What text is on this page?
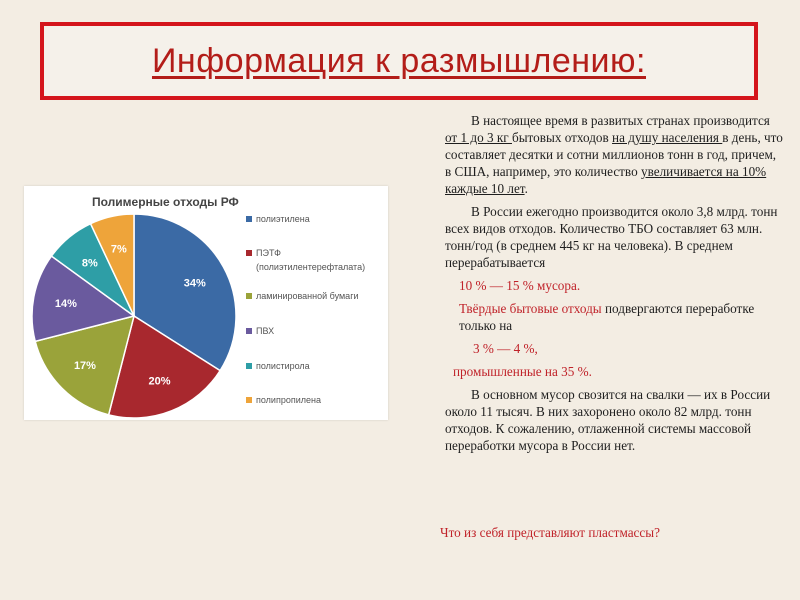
Информация к размышлению:
Полимерные отходы РФ
34%
20%
17%
14%
8%
7%
полиэтилена
ПЭТФ
(полиэтилентерефталата)
ламинированной бумаги
ПВХ
полистирола
полипропилена

В настоящее время в развитых странах производится от 1 до 3 кг бытовых отходов на душу населения в день, что составляет десятки и сотни миллионов тонн в год, причем, в США, например, это количество увеличивается на 10% каждые 10 лет.

В России ежегодно производится около 3,8 млрд. тонн всех видов отходов. Количество ТБО составляет 63 млн. тонн/год (в среднем 445 кг на человека). В среднем перерабатывается

10 % — 15 % мусора.

Твёрдые бытовые отходы подвергаются переработке только на

3 % — 4 %,

промышленные на 35 %.

В основном мусор свозится на свалки — их в России около 11 тысяч. В них захоронено около 82 млрд. тонн отходов. К сожалению, отлаженной системы массовой переработки мусора в России нет.

Что из себя представляют пластмассы?
